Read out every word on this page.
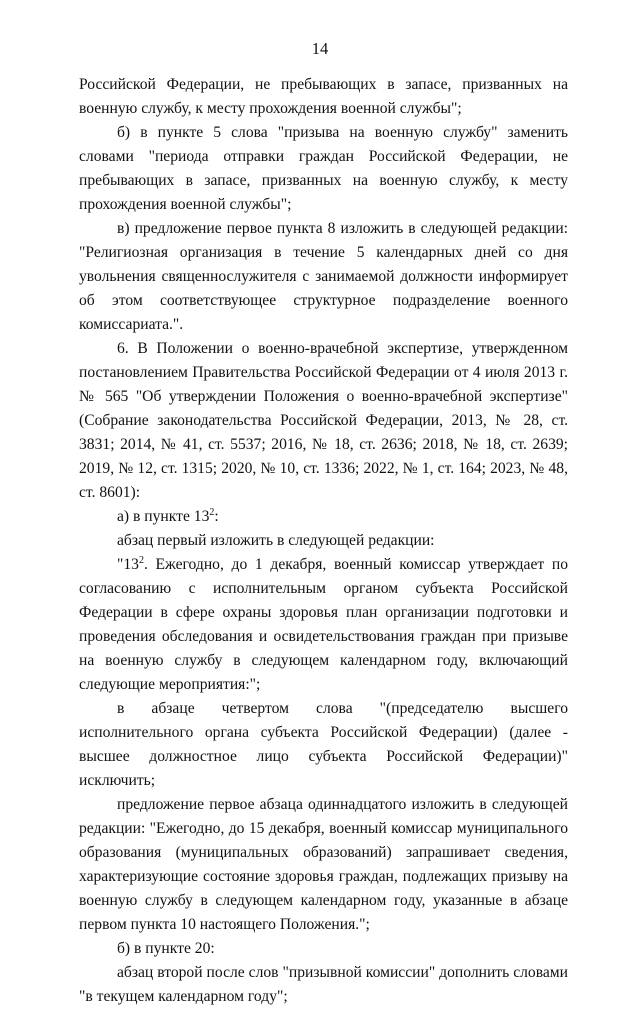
14

Российской Федерации, не пребывающих в запасе, призванных на военную службу, к месту прохождения военной службы";

б) в пункте 5 слова "призыва на военную службу" заменить словами "периода отправки граждан Российской Федерации, не пребывающих в запасе, призванных на военную службу, к месту прохождения военной службы";

в) предложение первое пункта 8 изложить в следующей редакции: "Религиозная организация в течение 5 календарных дней со дня увольнения священнослужителя с занимаемой должности информирует об этом соответствующее структурное подразделение военного комиссариата.".

6. В Положении о военно-врачебной экспертизе, утвержденном постановлением Правительства Российской Федерации от 4 июля 2013 г. № 565 "Об утверждении Положения о военно-врачебной экспертизе" (Собрание законодательства Российской Федерации, 2013, № 28, ст. 3831; 2014, № 41, ст. 5537; 2016, № 18, ст. 2636; 2018, № 18, ст. 2639; 2019, № 12, ст. 1315; 2020, № 10, ст. 1336; 2022, № 1, ст. 164; 2023, № 48, ст. 8601):

а) в пункте $13^2$:

абзац первый изложить в следующей редакции:

"$13^2$. Ежегодно, до 1 декабря, военный комиссар утверждает по согласованию с исполнительным органом субъекта Российской Федерации в сфере охраны здоровья план организации подготовки и проведения обследования и освидетельствования граждан при призыве на военную службу в следующем календарном году, включающий следующие мероприятия:";

в абзаце четвертом слова "(председателю высшего исполнительного органа субъекта Российской Федерации) (далее - высшее должностное лицо субъекта Российской Федерации)" исключить;

предложение первое абзаца одиннадцатого изложить в следующей редакции: "Ежегодно, до 15 декабря, военный комиссар муниципального образования (муниципальных образований) запрашивает сведения, характеризующие состояние здоровья граждан, подлежащих призыву на военную службу в следующем календарном году, указанные в абзаце первом пункта 10 настоящего Положения.";

б) в пункте 20:

абзац второй после слов "призывной комиссии" дополнить словами "в текущем календарном году";
